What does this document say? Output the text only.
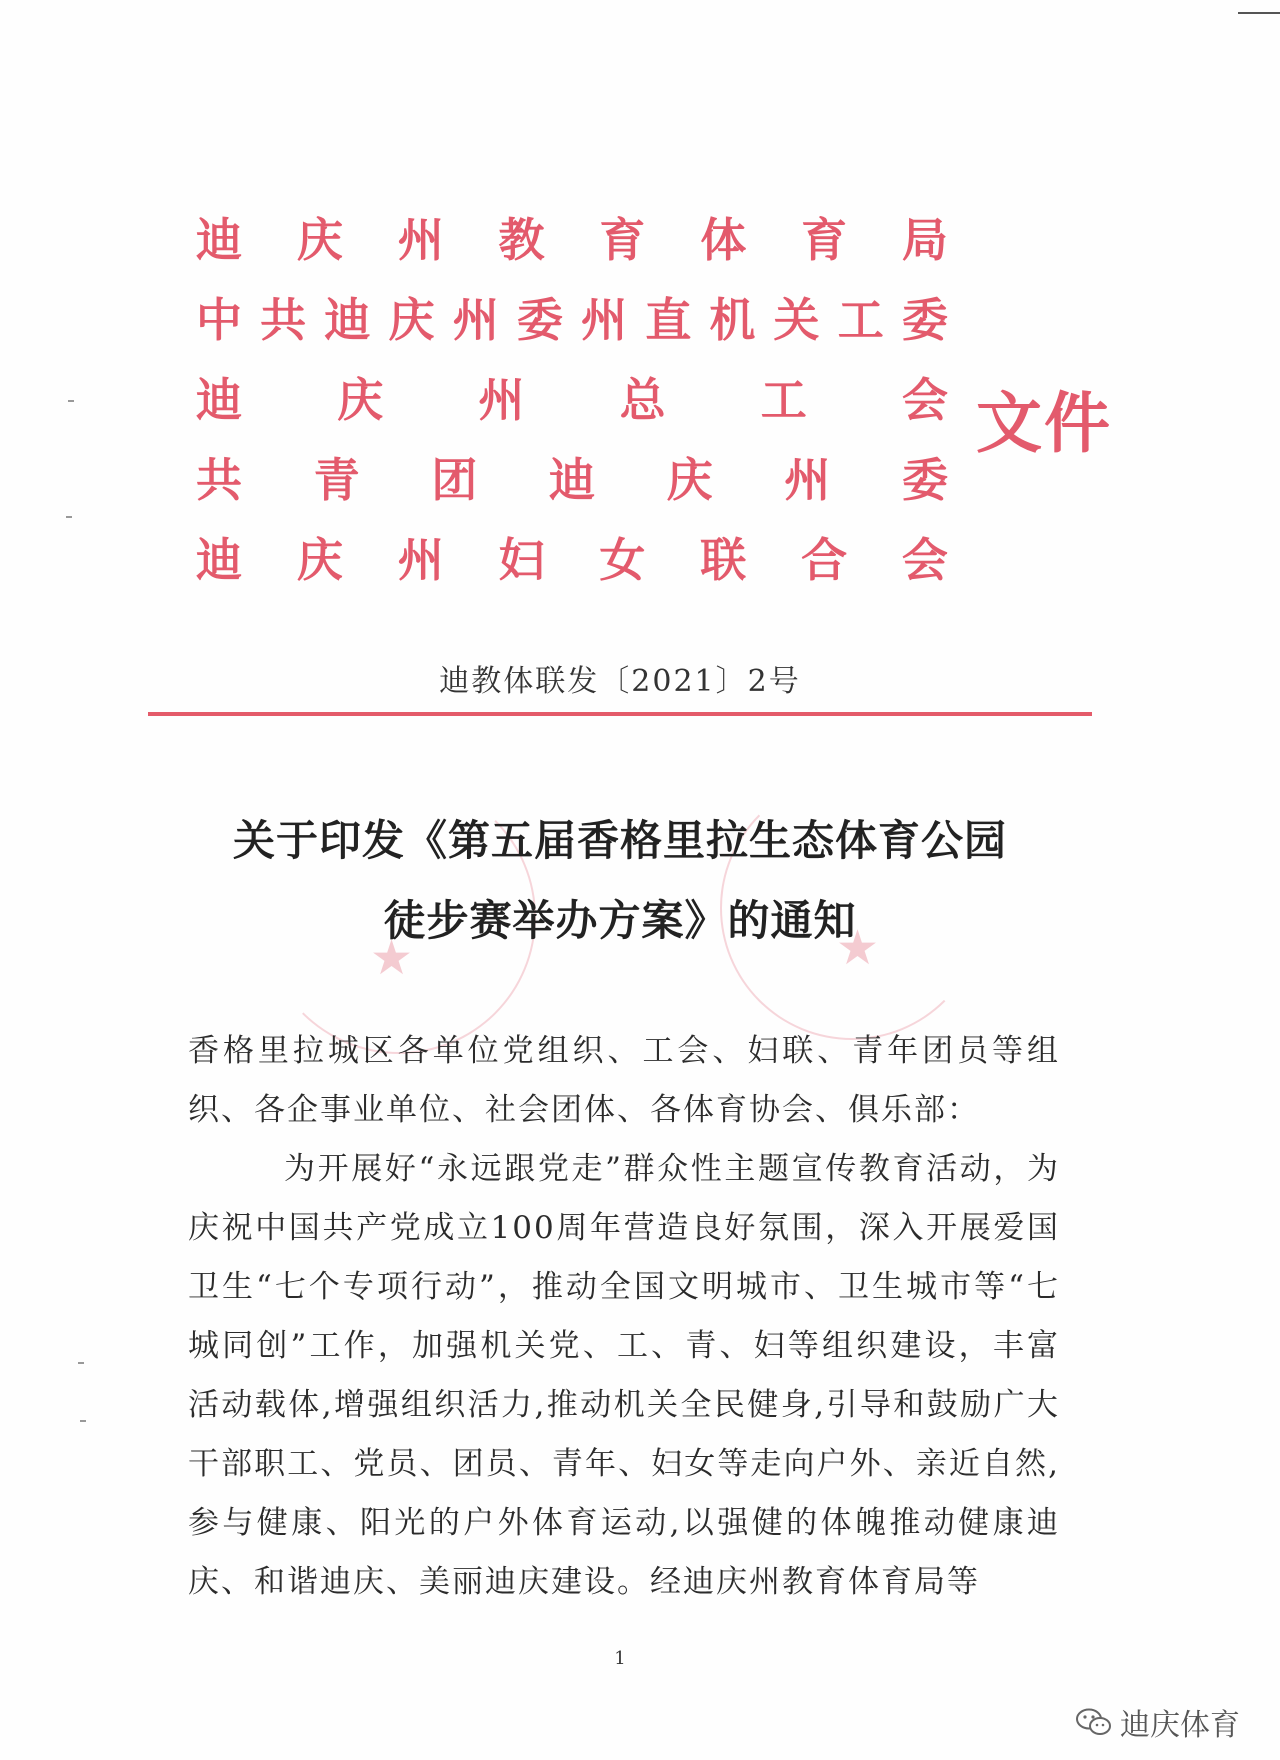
迪 庆 州 教 育 体 育 局
中 共 迪 庆 州 委 州 直 机 关 工 委
迪 庆 州 总 工 会
共 青 团 迪 庆 州 委
迪 庆 州 妇 女 联 合 会
文件
迪教体联发〔2021〕2号
★	★
关于印发《第五届香格里拉生态体育公园
徒步赛举办方案》的通知

香格里拉城区各单位党组织、工会、妇联、青年团员等组织、各企事业单位、社会团体、各体育协会、俱乐部：

为开展好“永远跟党走”群众性主题宣传教育活动，为庆祝中国共产党成立100周年营造良好氛围，深入开展爱国卫生“七个专项行动”，推动全国文明城市、卫生城市等“七城同创”工作，加强机关党、工、青、妇等组织建设，丰富活动载体,增强组织活力,推动机关全民健身,引导和鼓励广大干部职工、党员、团员、青年、妇女等走向户外、亲近自然,参与健康、阳光的户外体育运动,以强健的体魄推动健康迪庆、和谐迪庆、美丽迪庆建设。经迪庆州教育体育局等

1
迪庆体育
